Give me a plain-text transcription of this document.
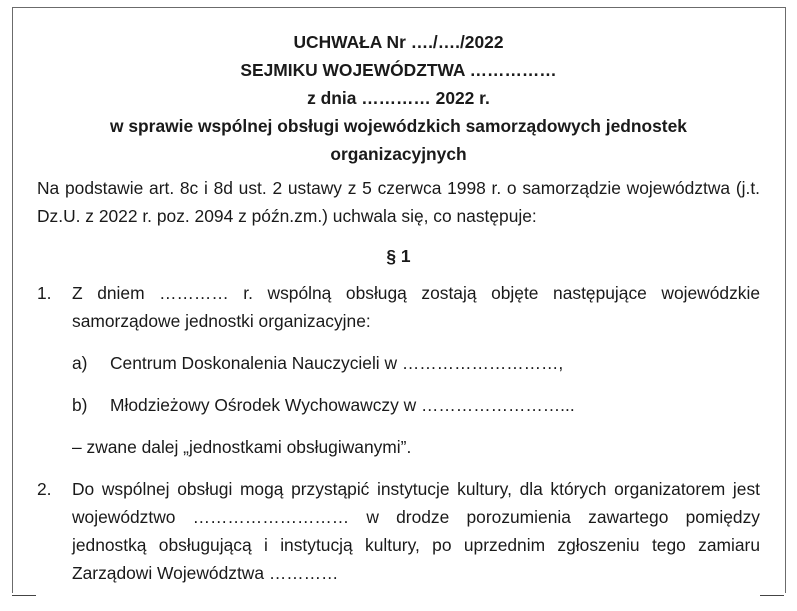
UCHWAŁA Nr …./…./2022
SEJMIKU WOJEWÓDZTWA ……………
z dnia ………… 2022 r.
w sprawie wspólnej obsługi wojewódzkich samorządowych jednostek
organizacyjnych
Na podstawie art. 8c i 8d ust. 2 ustawy z 5 czerwca 1998 r. o samorządzie województwa (j.t. Dz.U. z 2022 r. poz. 2094 z późn.zm.) uchwala się, co następuje:
§ 1
1. Z dniem ………… r. wspólną obsługą zostają objęte następujące wojewódzkie samorządowe jednostki organizacyjne:
a) Centrum Doskonalenia Nauczycieli w ………………………,
b) Młodzieżowy Ośrodek Wychowawczy w ……………………...
– zwane dalej „jednostkami obsługiwanymi”.
2. Do wspólnej obsługi mogą przystąpić instytucje kultury, dla których organizatorem jest województwo ……………………… w drodze porozumienia zawartego pomiędzy jednostką obsługującą i instytucją kultury, po uprzednim zgłoszeniu tego zamiaru Zarządowi Województwa …………
